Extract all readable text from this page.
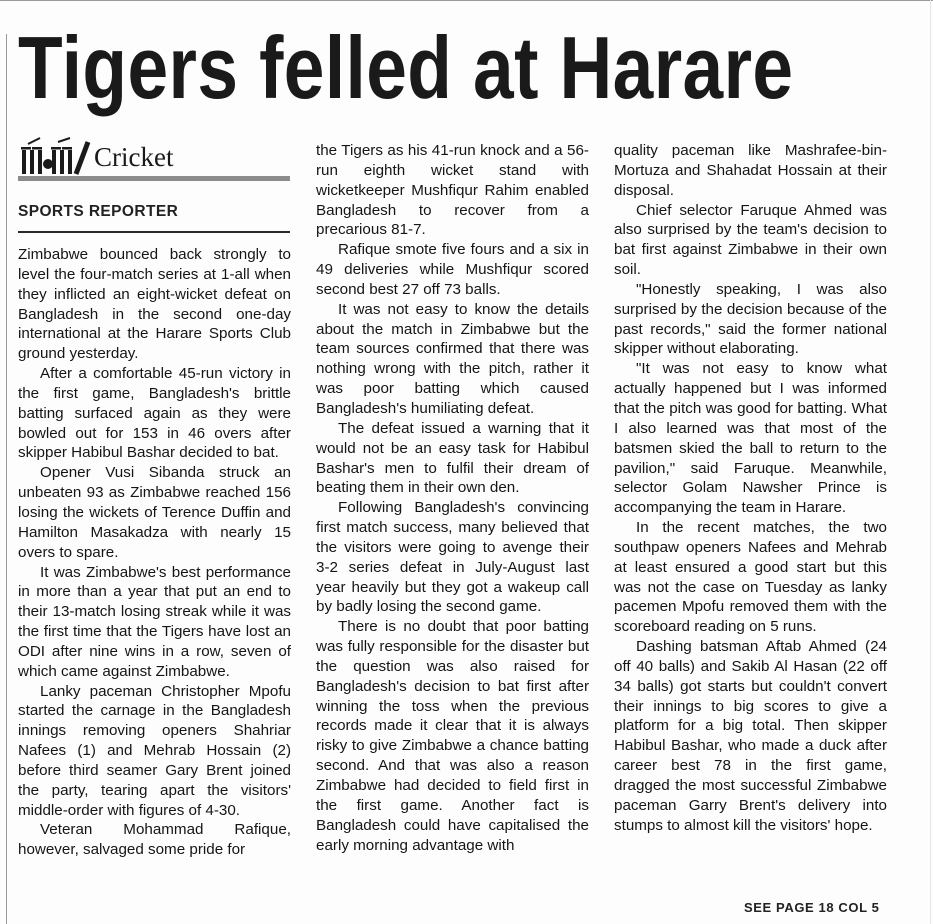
Tigers felled at Harare
Cricket
SPORTS REPORTER

Zimbabwe bounced back strongly to level the four-match series at 1-all when they inflicted an eight-wicket defeat on Bangladesh in the second one-day international at the Harare Sports Club ground yesterday.

After a comfortable 45-run victory in the first game, Bangladesh's brittle batting surfaced again as they were bowled out for 153 in 46 overs after skipper Habibul Bashar decided to bat.

Opener Vusi Sibanda struck an unbeaten 93 as Zimbabwe reached 156 losing the wickets of Terence Duffin and Hamilton Masakadza with nearly 15 overs to spare.

It was Zimbabwe's best performance in more than a year that put an end to their 13-match losing streak while it was the first time that the Tigers have lost an ODI after nine wins in a row, seven of which came against Zimbabwe.

Lanky paceman Christopher Mpofu started the carnage in the Bangladesh innings removing openers Shahriar Nafees (1) and Mehrab Hossain (2) before third seamer Gary Brent joined the party, tearing apart the visitors' middle-order with figures of 4-30.

Veteran Mohammad Rafique, however, salvaged some pride for

the Tigers as his 41-run knock and a 56-run eighth wicket stand with wicketkeeper Mushfiqur Rahim enabled Bangladesh to recover from a precarious 81-7.

Rafique smote five fours and a six in 49 deliveries while Mushfiqur scored second best 27 off 73 balls.

It was not easy to know the details about the match in Zimbabwe but the team sources confirmed that there was nothing wrong with the pitch, rather it was poor batting which caused Bangladesh's humiliating defeat.

The defeat issued a warning that it would not be an easy task for Habibul Bashar's men to fulfil their dream of beating them in their own den.

Following Bangladesh's convincing first match success, many believed that the visitors were going to avenge their 3-2 series defeat in July-August last year heavily but they got a wakeup call by badly losing the second game.

There is no doubt that poor batting was fully responsible for the disaster but the question was also raised for Bangladesh's decision to bat first after winning the toss when the previous records made it clear that it is always risky to give Zimbabwe a chance batting second. And that was also a reason Zimbabwe had decided to field first in the first game. Another fact is Bangladesh could have capitalised the early morning advantage with

quality paceman like Mashrafee-bin-Mortuza and Shahadat Hossain at their disposal.

Chief selector Faruque Ahmed was also surprised by the team's decision to bat first against Zimbabwe in their own soil.

"Honestly speaking, I was also surprised by the decision because of the past records," said the former national skipper without elaborating.

"It was not easy to know what actually happened but I was informed that the pitch was good for batting. What I also learned was that most of the batsmen skied the ball to return to the pavilion," said Faruque. Meanwhile, selector Golam Nawsher Prince is accompanying the team in Harare.

In the recent matches, the two southpaw openers Nafees and Mehrab at least ensured a good start but this was not the case on Tuesday as lanky pacemen Mpofu removed them with the scoreboard reading on 5 runs.

Dashing batsman Aftab Ahmed (24 off 40 balls) and Sakib Al Hasan (22 off 34 balls) got starts but couldn't convert their innings to big scores to give a platform for a big total. Then skipper Habibul Bashar, who made a duck after career best 78 in the first game, dragged the most successful Zimbabwe paceman Garry Brent's delivery into stumps to almost kill the visitors' hope.

SEE PAGE 18 COL 5
